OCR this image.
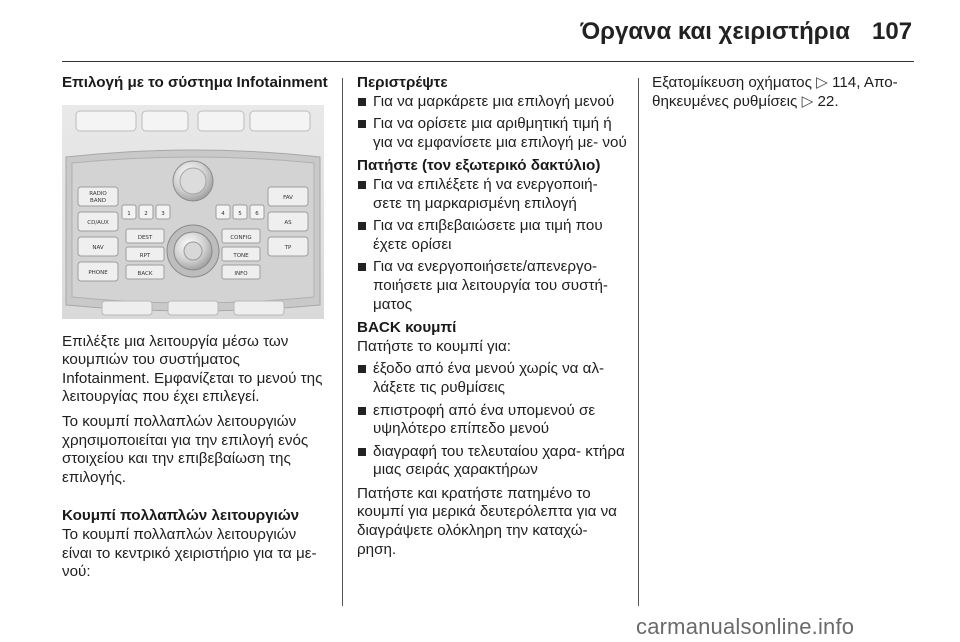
Όργανα και χειριστήρια 107
Επιλογή με το σύστημα Infotainment
RADIO
BAND
CD/AUX
NAV
PHONE
FAV
AS
TP
DEST
RPT
BACK
CONFIG
TONE
INFO
1 2 3	4 5 6

Επιλέξτε μια λειτουργία μέσω των κουμπιών του συστήματος Infotainment. Εμφανίζεται το μενού της λειτουργίας που έχει επιλεγεί.

Το κουμπί πολλαπλών λειτουργιών χρησιμοποιείται για την επιλογή ενός στοιχείου και την επιβεβαίωση της επιλογής.

Κουμπί πολλαπλών λειτουργιών

Το κουμπί πολλαπλών λειτουργιών είναι το κεντρικό χειριστήριο για τα με‐ νού:

Περιστρέψτε
Για να μαρκάρετε μια επιλογή μενού
Για να ορίσετε μια αριθμητική τιμή ή για να εμφανίσετε μια επιλογή με‐ νού
Πατήστε (τον εξωτερικό δακτύλιο)
Για να επιλέξετε ή να ενεργοποιή‐ σετε τη μαρκαρισμένη επιλογή
Για να επιβεβαιώσετε μια τιμή που έχετε ορίσει
Για να ενεργοποιήσετε/απενεργο‐ ποιήσετε μια λειτουργία του συστή‐ ματος
BACK κουμπί

Πατήστε το κουμπί για:

έξοδο από ένα μενού χωρίς να αλ‐ λάξετε τις ρυθμίσεις
επιστροφή από ένα υπομενού σε υψηλότερο επίπεδο μενού
διαγραφή του τελευταίου χαρα‐ κτήρα μιας σειράς χαρακτήρων

Πατήστε και κρατήστε πατημένο το κουμπί για μερικά δευτερόλεπτα για να διαγράψετε ολόκληρη την καταχώ‐ ρηση.

Εξατομίκευση οχήματος ▷ 114, Απο‐
θηκευμένες ρυθμίσεις ▷ 22.

carmanualsonline.info
